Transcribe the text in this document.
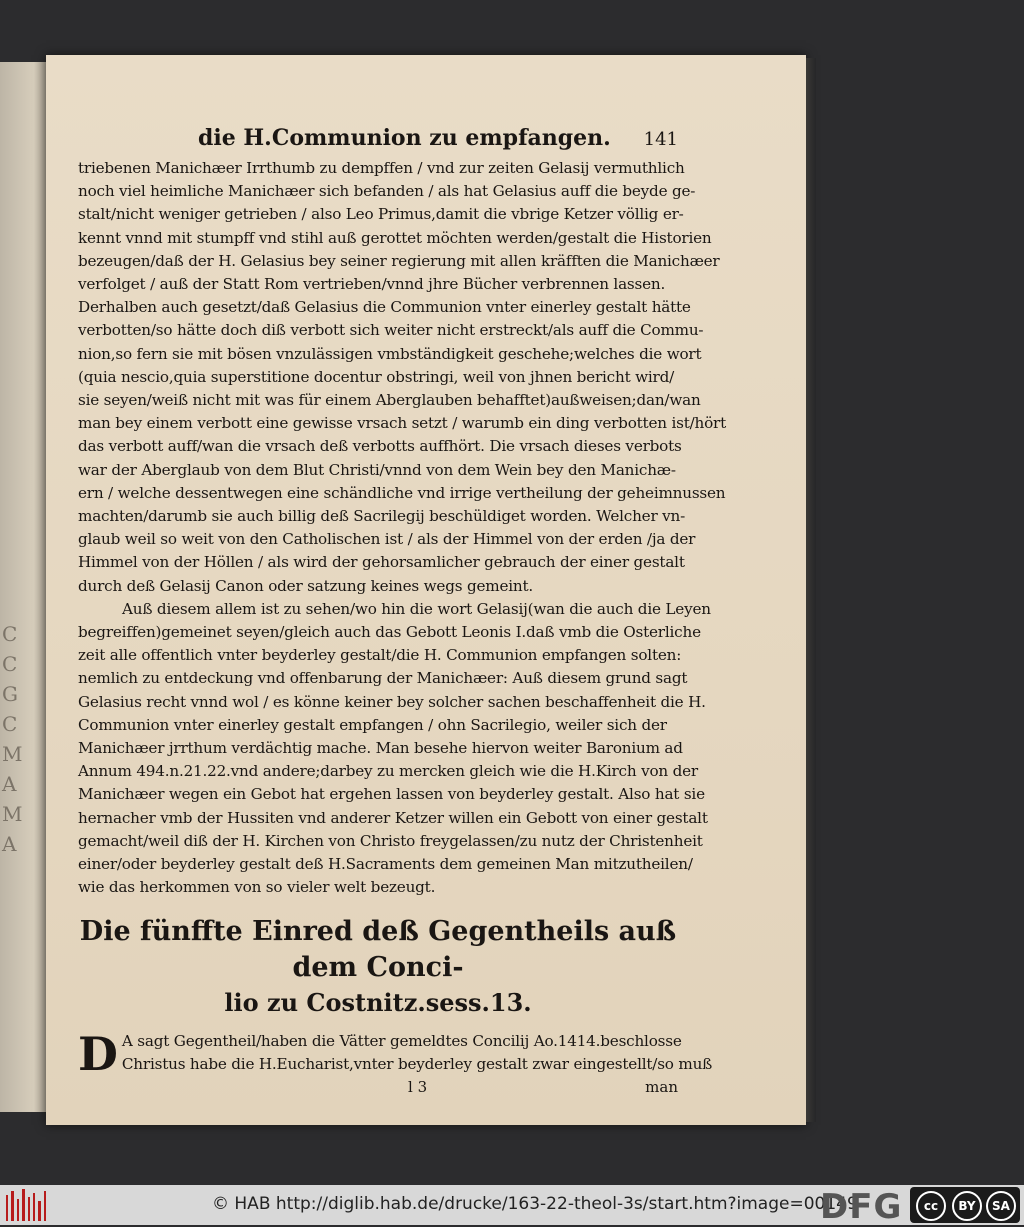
C
C
G
C
M
A
M
A
die H.Communion zu empfangen. 141
triebenen Manichæer Irrthumb zu dempffen / vnd zur zeiten Gelasij vermuthlich
noch viel heimliche Manichæer sich befanden / als hat Gelasius auff die beyde ge-
stalt/nicht weniger getrieben / also Leo Primus,damit die vbrige Ketzer völlig er-
kennt vnnd mit stumpff vnd stihl auß gerottet möchten werden/gestalt die Historien
bezeugen/daß der H. Gelasius bey seiner regierung mit allen kräfften die Manichæer
verfolget / auß der Statt Rom vertrieben/vnnd jhre Bücher verbrennen lassen.
Derhalben auch gesetzt/daß Gelasius die Communion vnter einerley gestalt hätte
verbotten/so hätte doch diß verbott sich weiter nicht erstreckt/als auff die Commu-
nion,so fern sie mit bösen vnzulässigen vmbständigkeit geschehe;welches die wort
(quia nescio,quia superstitione docentur obstringi, weil von jhnen bericht wird/
sie seyen/weiß nicht mit was für einem Aberglauben behafftet)außweisen;dan/wan
man bey einem verbott eine gewisse vrsach setzt / warumb ein ding verbotten ist/hört
das verbott auff/wan die vrsach deß verbotts auffhört. Die vrsach dieses verbots
war der Aberglaub von dem Blut Christi/vnnd von dem Wein bey den Manichæ-
ern / welche dessentwegen eine schändliche vnd irrige vertheilung der geheimnussen
machten/darumb sie auch billig deß Sacrilegij beschüldiget worden. Welcher vn-
glaub weil so weit von den Catholischen ist / als der Himmel von der erden /ja der
Himmel von der Höllen / als wird der gehorsamlicher gebrauch der einer gestalt
durch deß Gelasij Canon oder satzung keines wegs gemeint.
Auß diesem allem ist zu sehen/wo hin die wort Gelasij(wan die auch die Leyen
begreiffen)gemeinet seyen/gleich auch das Gebott Leonis I.daß vmb die Osterliche
zeit alle offentlich vnter beyderley gestalt/die H. Communion empfangen solten:
nemlich zu entdeckung vnd offenbarung der Manichæer: Auß diesem grund sagt
Gelasius recht vnnd wol / es könne keiner bey solcher sachen beschaffenheit die H.
Communion vnter einerley gestalt empfangen / ohn Sacrilegio, weiler sich der
Manichæer jrrthum verdächtig mache. Man besehe hiervon weiter Baronium ad
Annum 494.n.21.22.vnd andere;darbey zu mercken gleich wie die H.Kirch von der
Manichæer wegen ein Gebot hat ergehen lassen von beyderley gestalt. Also hat sie
hernacher vmb der Hussiten vnd anderer Ketzer willen ein Gebott von einer gestalt
gemacht/weil diß der H. Kirchen von Christo freygelassen/zu nutz der Christenheit
einer/oder beyderley gestalt deß H.Sacraments dem gemeinen Man mitzutheilen/
wie das herkommen von so vieler welt bezeugt.
Die fünffte Einred deß Gegentheils auß dem Conci-
lio zu Costnitz.sess.13.
D A sagt Gegentheil/haben die Vätter gemeldtes Concilij Ao.1414.beschlosse
Christus habe die H.Eucharist,vnter beyderley gestalt zwar eingestellt/so muß
l 3	man
© HAB http://diglib.hab.de/drucke/163-22-theol-3s/start.htm?image=00149
DFG	cc	BY	SA
